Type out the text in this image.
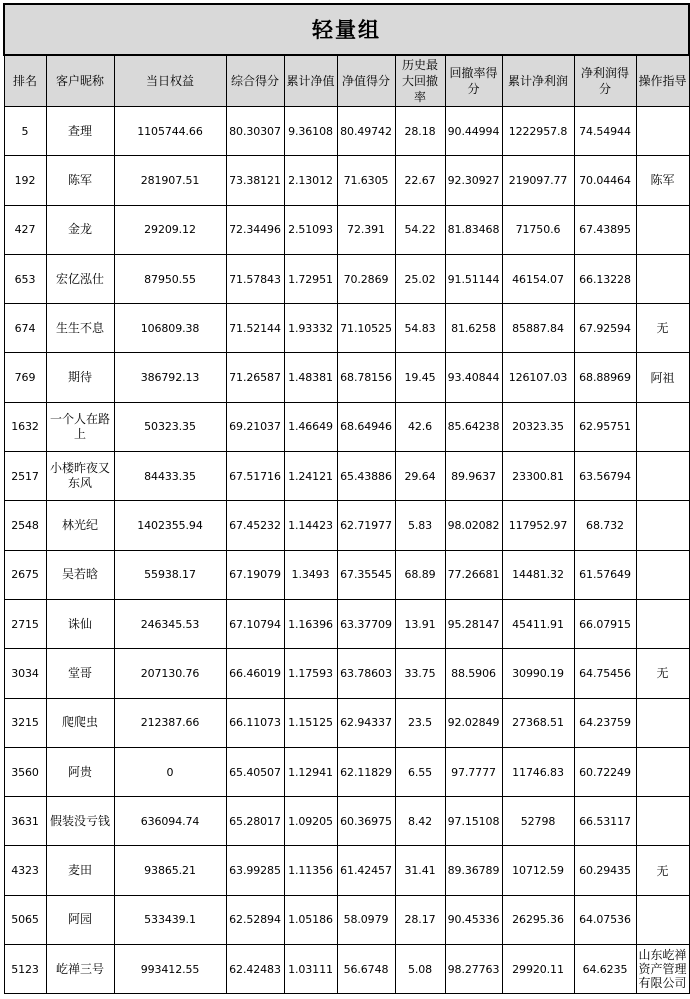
轻量组										
排名	客户昵称	当日权益	综合得分	累计净值	净值得分	历史最大回撤率	回撤率得分	累计净利润	净利润得分	操作指导
5	查理	1105744.66	80.30307	9.36108	80.49742	28.18	90.44994	1222957.8	74.54944	
192	陈军	281907.51	73.38121	2.13012	71.6305	22.67	92.30927	219097.77	70.04464	陈军
427	金龙	29209.12	72.34496	2.51093	72.391	54.22	81.83468	71750.6	67.43895	
653	宏亿泓仕	87950.55	71.57843	1.72951	70.2869	25.02	91.51144	46154.07	66.13228	
674	生生不息	106809.38	71.52144	1.93332	71.10525	54.83	81.6258	85887.84	67.92594	无
769	期待	386792.13	71.26587	1.48381	68.78156	19.45	93.40844	126107.03	68.88969	阿祖
1632	一个人在路上	50323.35	69.21037	1.46649	68.64946	42.6	85.64238	20323.35	62.95751	
2517	小楼昨夜又东风	84433.35	67.51716	1.24121	65.43886	29.64	89.9637	23300.81	63.56794	
2548	林光纪	1402355.94	67.45232	1.14423	62.71977	5.83	98.02082	117952.97	68.732	
2675	吴若晗	55938.17	67.19079	1.3493	67.35545	68.89	77.26681	14481.32	61.57649	
2715	诛仙	246345.53	67.10794	1.16396	63.37709	13.91	95.28147	45411.91	66.07915	
3034	堂哥	207130.76	66.46019	1.17593	63.78603	33.75	88.5906	30990.19	64.75456	无
3215	爬爬虫	212387.66	66.11073	1.15125	62.94337	23.5	92.02849	27368.51	64.23759	
3560	阿贵	0	65.40507	1.12941	62.11829	6.55	97.7777	11746.83	60.72249	
3631	假装没亏钱	636094.74	65.28017	1.09205	60.36975	8.42	97.15108	52798	66.53117	
4323	麦田	93865.21	63.99285	1.11356	61.42457	31.41	89.36789	10712.59	60.29435	无
5065	阿园	533439.1	62.52894	1.05186	58.0979	28.17	90.45336	26295.36	64.07536	
5123	屹禅三号	993412.55	62.42483	1.03111	56.6748	5.08	98.27763	29920.11	64.6235	山东屹禅资产管理有限公司
